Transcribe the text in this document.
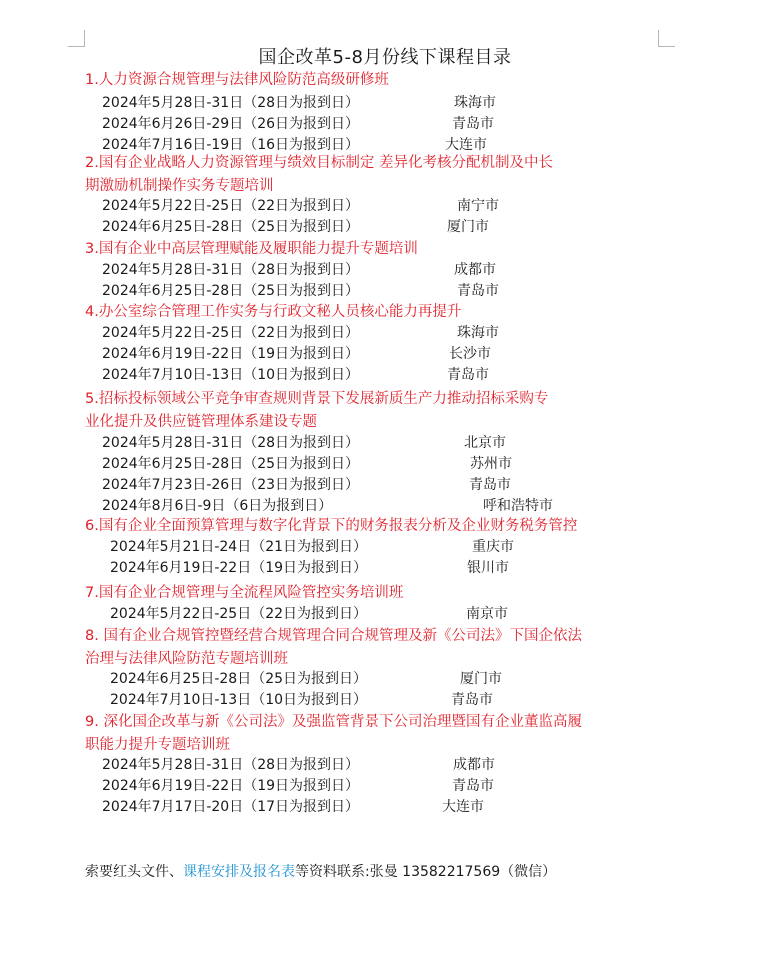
国企改革5-8月份线下课程目录
1.人力资源合规管理与法律风险防范高级研修班
2024年5月28日-31日（28日为报到日）	珠海市
2024年6月26日-29日（26日为报到日）	青岛市
2024年7月16日-19日（16日为报到日）	大连市
2.国有企业战略人力资源管理与绩效目标制定 差异化考核分配机制及中长
期激励机制操作实务专题培训
2024年5月22日-25日（22日为报到日）	南宁市
2024年6月25日-28日（25日为报到日）	厦门市
3.国有企业中高层管理赋能及履职能力提升专题培训
2024年5月28日-31日（28日为报到日）	成都市
2024年6月25日-28日（25日为报到日）	青岛市
4.办公室综合管理工作实务与行政文秘人员核心能力再提升
2024年5月22日-25日（22日为报到日）	珠海市
2024年6月19日-22日（19日为报到日）	长沙市
2024年7月10日-13日（10日为报到日）	青岛市
5.招标投标领域公平竞争审查规则背景下发展新质生产力推动招标采购专
业化提升及供应链管理体系建设专题
2024年5月28日-31日（28日为报到日）	北京市
2024年6月25日-28日（25日为报到日）	苏州市
2024年7月23日-26日（23日为报到日）	青岛市
2024年8月6日-9日（6日为报到日）	呼和浩特市
6.国有企业全面预算管理与数字化背景下的财务报表分析及企业财务税务管控
2024年5月21日-24日（21日为报到日）	重庆市
2024年6月19日-22日（19日为报到日）	银川市
7.国有企业合规管理与全流程风险管控实务培训班
2024年5月22日-25日（22日为报到日）	南京市
8. 国有企业合规管控暨经营合规管理合同合规管理及新《公司法》下国企依法
治理与法律风险防范专题培训班
2024年6月25日-28日（25日为报到日）	厦门市
2024年7月10日-13日（10日为报到日）	青岛市
9. 深化国企改革与新《公司法》及强监管背景下公司治理暨国有企业董监高履
职能力提升专题培训班
2024年5月28日-31日（28日为报到日）	成都市
2024年6月19日-22日（19日为报到日）	青岛市
2024年7月17日-20日（17日为报到日）	大连市
索要红头文件、课程安排及报名表等资料联系:张曼 13582217569（微信）
